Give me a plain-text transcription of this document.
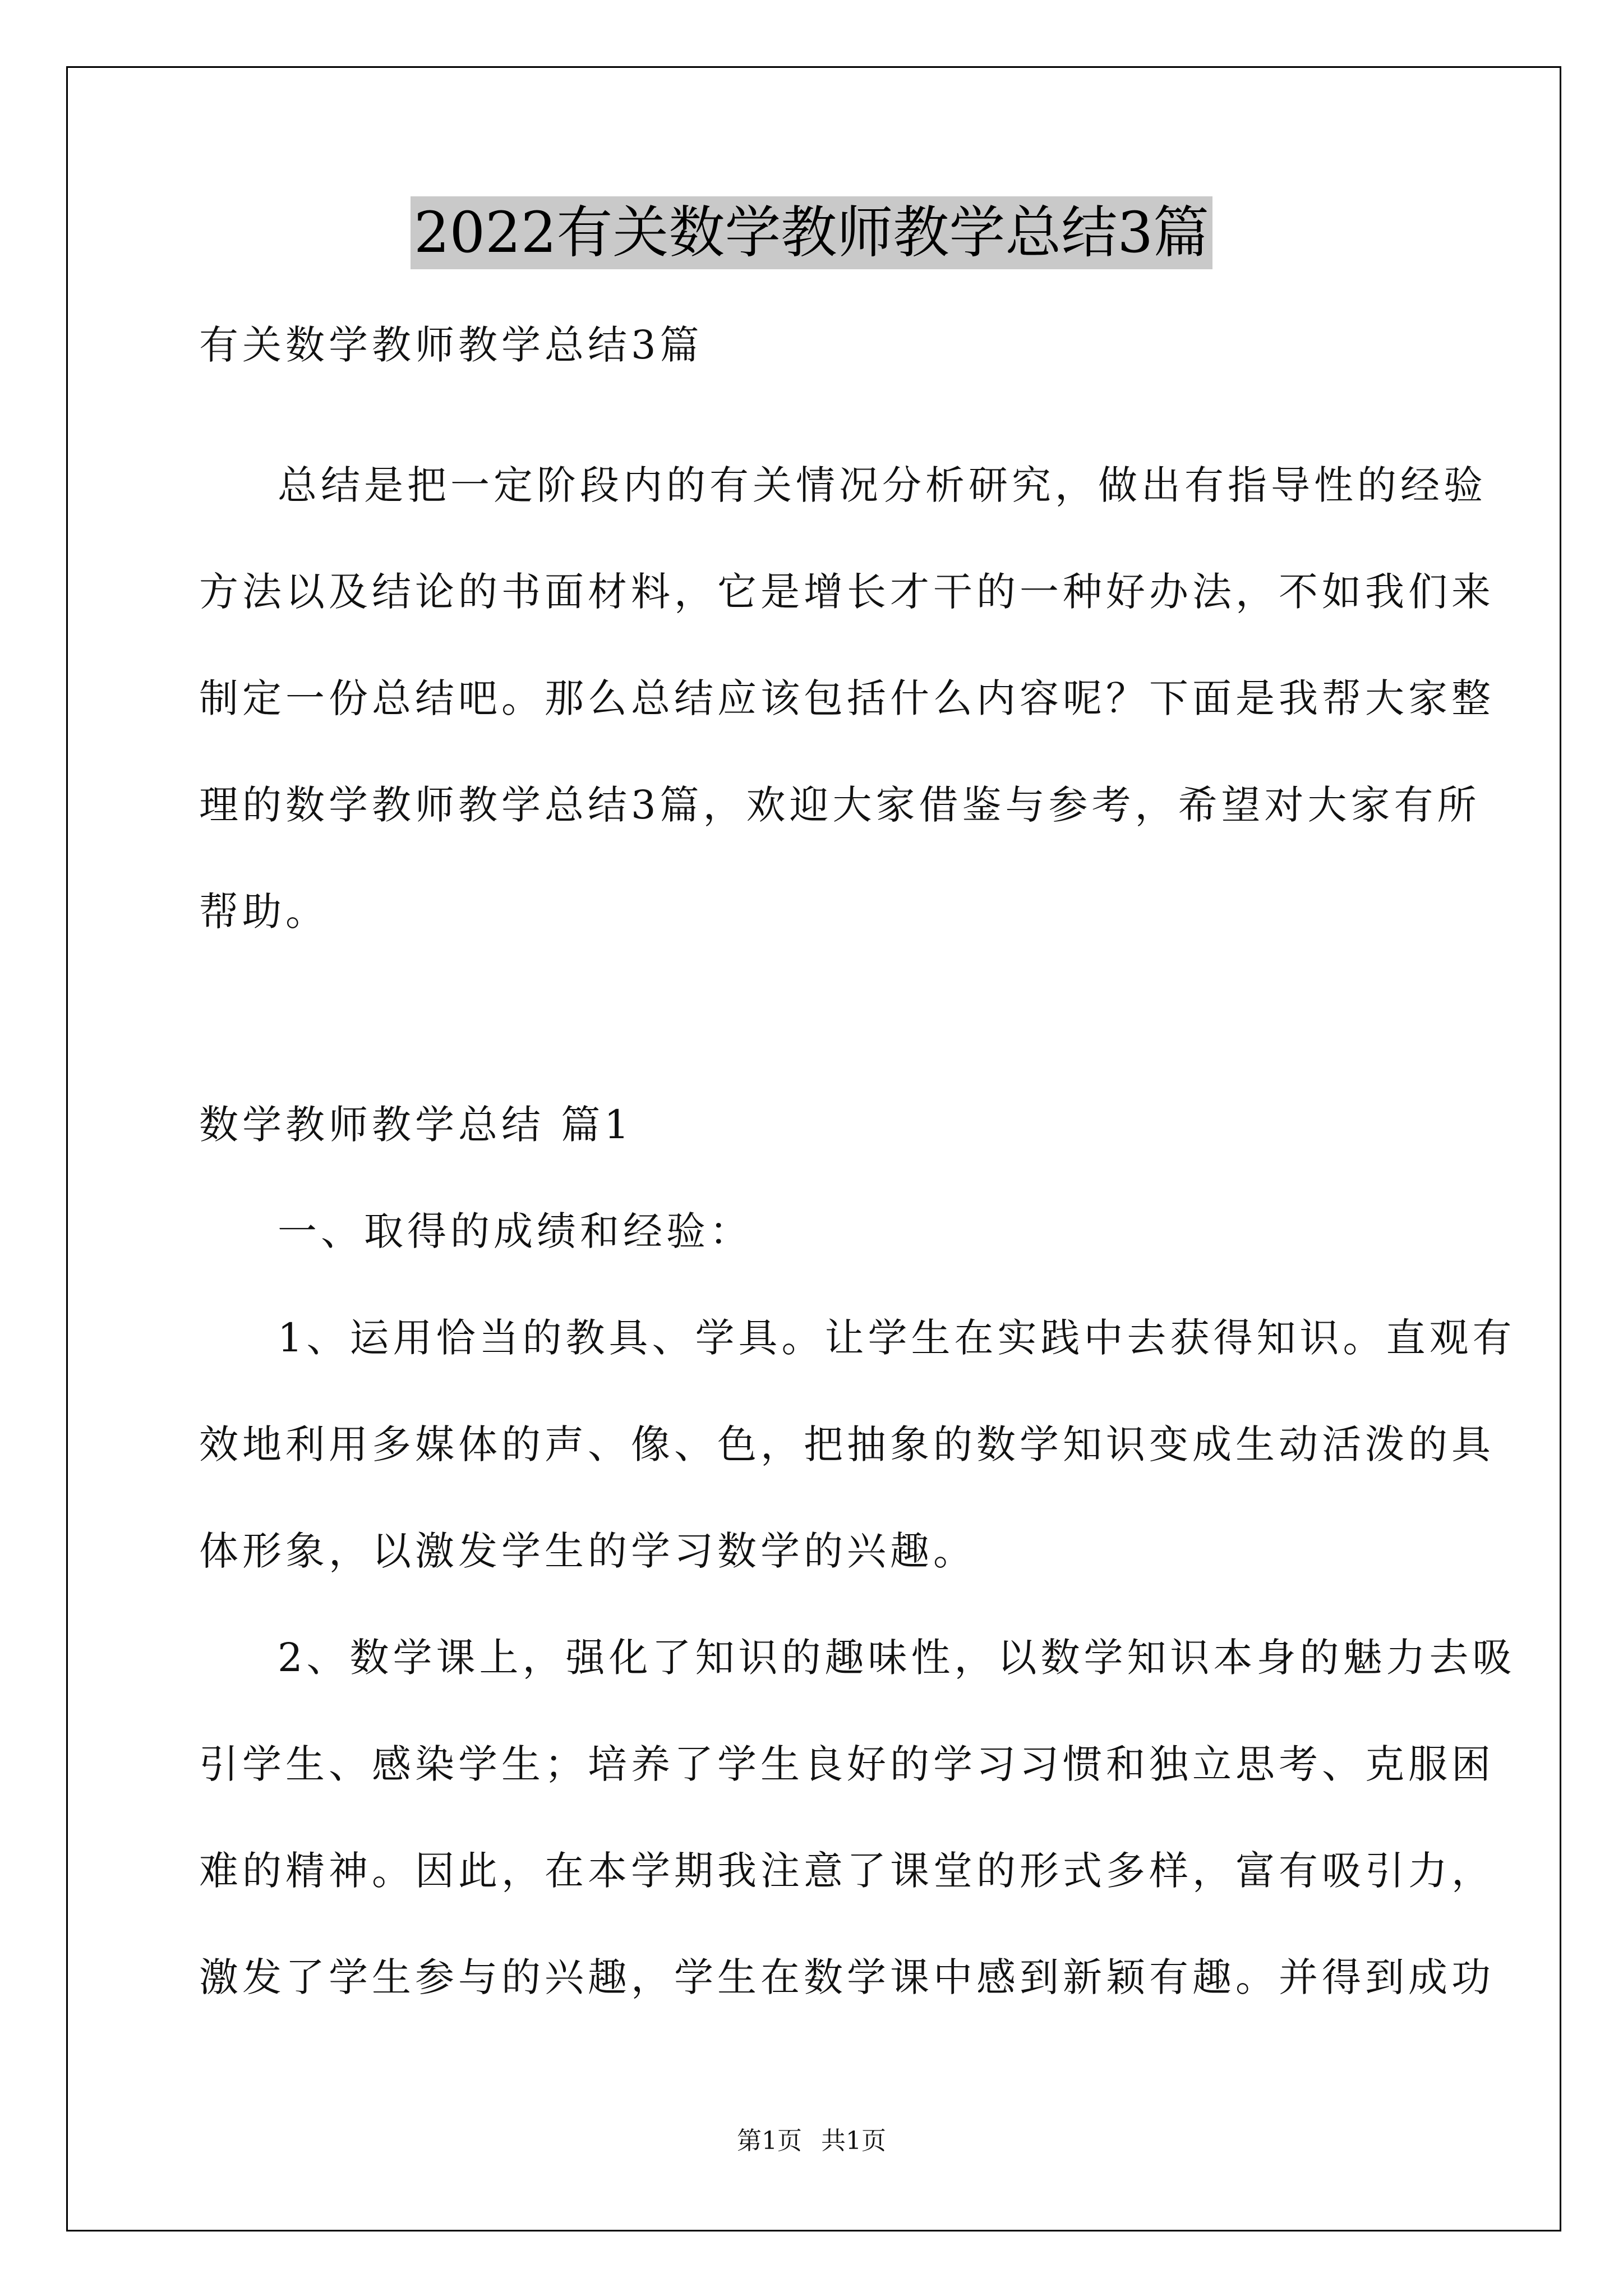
2022有关数学教师教学总结3篇
有关数学教师教学总结3篇
总结是把一定阶段内的有关情况分析研究，做出有指导性的经验
方法以及结论的书面材料，它是增长才干的一种好办法，不如我们来
制定一份总结吧。那么总结应该包括什么内容呢？下面是我帮大家整
理的数学教师教学总结3篇，欢迎大家借鉴与参考，希望对大家有所
帮助。
数学教师教学总结 篇1
一、取得的成绩和经验：
1、运用恰当的教具、学具。让学生在实践中去获得知识。直观有
效地利用多媒体的声、像、色，把抽象的数学知识变成生动活泼的具
体形象，以激发学生的学习数学的兴趣。
2、数学课上，强化了知识的趣味性，以数学知识本身的魅力去吸
引学生、感染学生；培养了学生良好的学习习惯和独立思考、克服困
难的精神。因此，在本学期我注意了课堂的形式多样，富有吸引力，
激发了学生参与的兴趣，学生在数学课中感到新颖有趣。并得到成功
第1页 共1页
